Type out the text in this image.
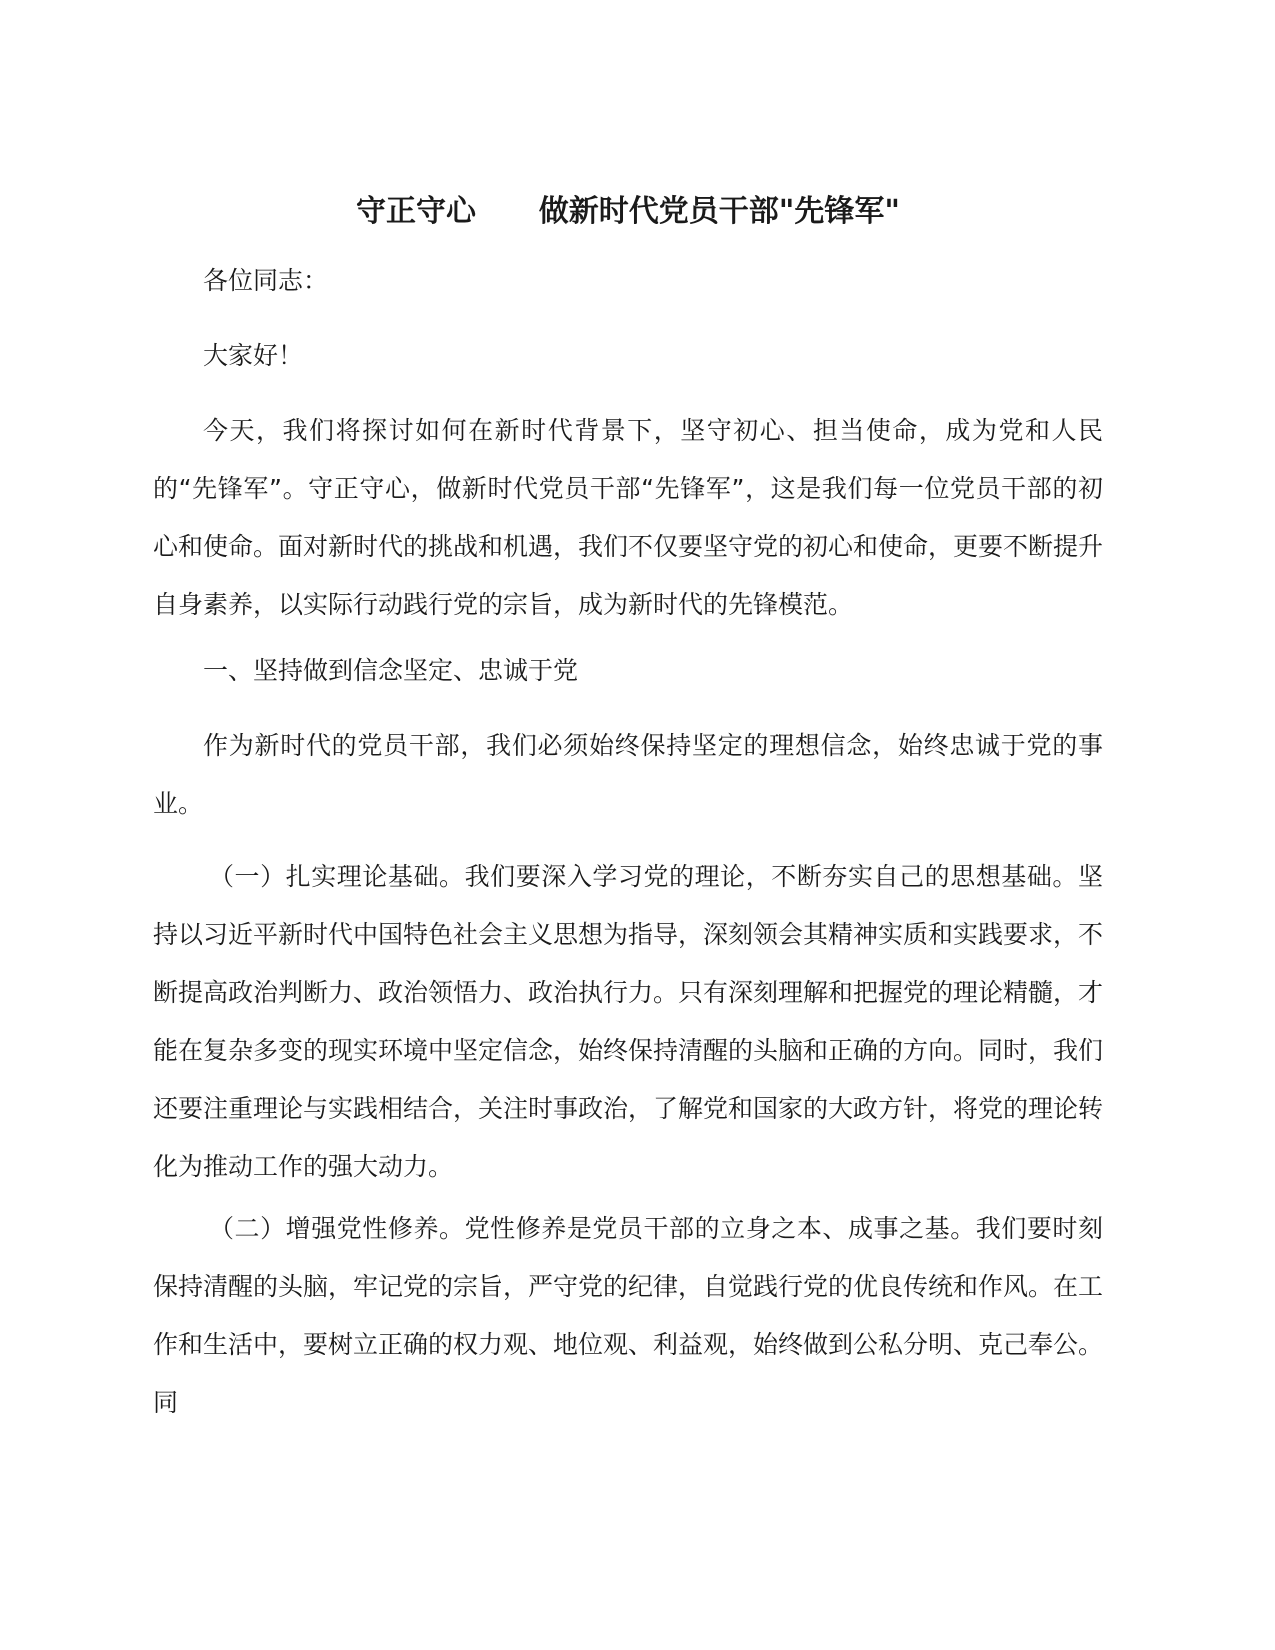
守正守心      做新时代党员干部"先锋军"

各位同志：

大家好！

今天，我们将探讨如何在新时代背景下，坚守初心、担当使命，成为党和人民的“先锋军”。守正守心，做新时代党员干部“先锋军”，这是我们每一位党员干部的初心和使命。面对新时代的挑战和机遇，我们不仅要坚守党的初心和使命，更要不断提升自身素养，以实际行动践行党的宗旨，成为新时代的先锋模范。

一、坚持做到信念坚定、忠诚于党

作为新时代的党员干部，我们必须始终保持坚定的理想信念，始终忠诚于党的事业。

（一）扎实理论基础。我们要深入学习党的理论，不断夯实自己的思想基础。坚持以习近平新时代中国特色社会主义思想为指导，深刻领会其精神实质和实践要求，不断提高政治判断力、政治领悟力、政治执行力。只有深刻理解和把握党的理论精髓，才能在复杂多变的现实环境中坚定信念，始终保持清醒的头脑和正确的方向。同时，我们还要注重理论与实践相结合，关注时事政治，了解党和国家的大政方针，将党的理论转化为推动工作的强大动力。

（二）增强党性修养。党性修养是党员干部的立身之本、成事之基。我们要时刻保持清醒的头脑，牢记党的宗旨，严守党的纪律，自觉践行党的优良传统和作风。在工作和生活中，要树立正确的权力观、地位观、利益观，始终做到公私分明、克己奉公。同
